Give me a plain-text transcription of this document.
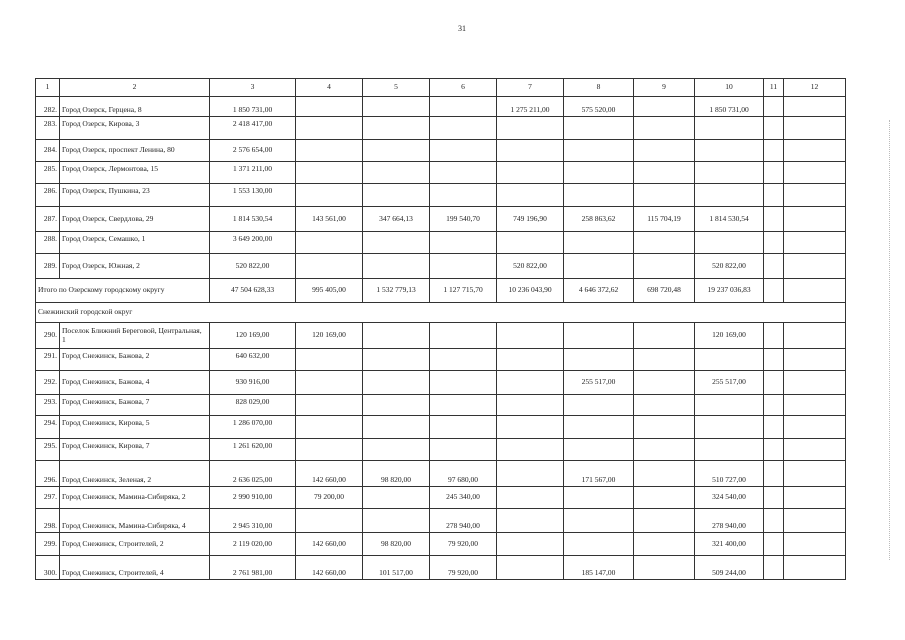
31
1	2	3	4	5	6	7	8	9	10	11	12
282.	Город Озерск, Герцена, 8	1 850 731,00				1 275 211,00	575 520,00		1 850 731,00		
283.	Город Озерск, Кирова, 3	2 418 417,00									
284.	Город Озерск, проспект Ленина, 80	2 576 654,00									
285.	Город Озерск, Лермонтова, 15	1 371 211,00									
286.	Город Озерск, Пушкина, 23	1 553 130,00									
287.	Город Озерск, Свердлова, 29	1 814 530,54	143 561,00	347 664,13	199 540,70	749 196,90	258 863,62	115 704,19	1 814 530,54		
288.	Город Озерск, Семашко, 1	3 649 200,00									
289.	Город Озерск, Южная, 2	520 822,00				520 822,00			520 822,00		
Итого по Озерскому городскому округу		47 504 628,33	995 405,00	1 532 779,13	1 127 715,70	10 236 043,90	4 646 372,62	698 720,48	19 237 036,83		
Снежинский городской округ											
290.	Поселок Ближний Береговой, Центральная, 1	120 169,00	120 169,00						120 169,00		
291.	Город Снежинск, Бажова, 2	640 632,00									
292.	Город Снежинск, Бажова, 4	930 916,00					255 517,00		255 517,00		
293.	Город Снежинск, Бажова, 7	828 029,00									
294.	Город Снежинск, Кирова, 5	1 286 070,00									
295.	Город Снежинск, Кирова, 7	1 261 620,00									
296.	Город Снежинск, Зеленая, 2	2 636 025,00	142 660,00	98 820,00	97 680,00		171 567,00		510 727,00		
297.	Город Снежинск, Мамина-Сибиряка, 2	2 990 910,00	79 200,00		245 340,00				324 540,00		
298.	Город Снежинск, Мамина-Сибиряка, 4	2 945 310,00			278 940,00				278 940,00		
299.	Город Снежинск, Строителей, 2	2 119 020,00	142 660,00	98 820,00	79 920,00				321 400,00		
300.	Город Снежинск, Строителей, 4	2 761 981,00	142 660,00	101 517,00	79 920,00		185 147,00		509 244,00		
